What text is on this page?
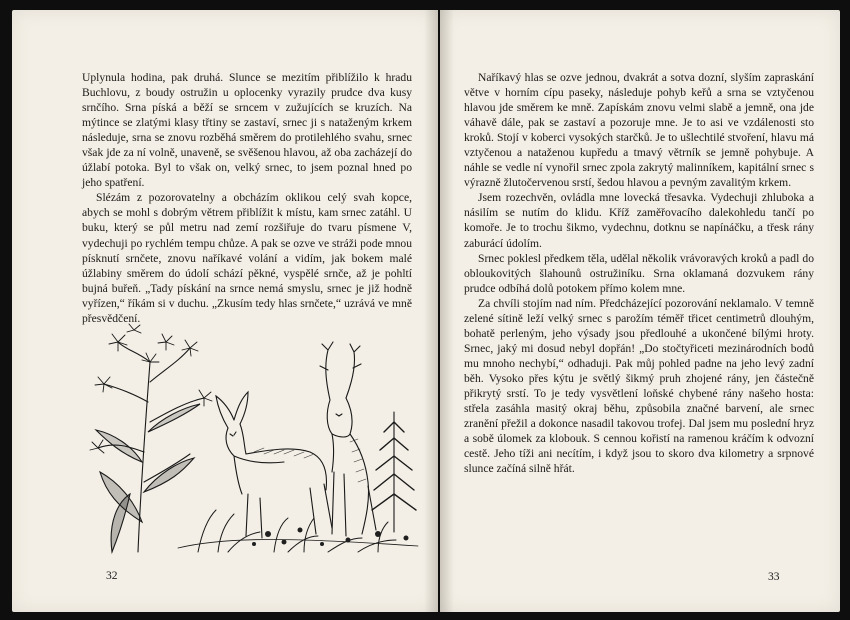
Uplynula hodina, pak druhá. Slunce se mezitím přiblížilo k hradu Buchlovu, z boudy ostružin u oplocenky vyrazily prudce dva kusy srnčího. Srna píská a běží se srncem v zužujících se kruzích. Na mýtince se zlatými klasy třtiny se zastaví, srnec ji s nataženým krkem následuje, srna se znovu rozběhá směrem do protilehlého svahu, srnec však jde za ní volně, unaveně, se svěšenou hlavou, až oba zacházejí do úžlabí potoka. Byl to však on, velký srnec, to jsem poznal hned po jeho spatření.

Slézám z pozorovatelny a obcházím oklikou celý svah kopce, abych se mohl s dobrým větrem přiblížit k místu, kam srnec zatáhl. U buku, který se půl metru nad zemí rozšiřuje do tvaru písmene V, vydechuji po rychlém tempu chůze. A pak se ozve ve stráži pode mnou písknutí srnčete, znovu naříkavé volání a vidím, jak bokem malé úžlabiny směrem do údolí schází pěkné, vyspělé srnče, až je pohltí bujná buřeň. „Tady pískání na srnce nemá smyslu, srnec je již hodně vyřízen,“ říkám si v duchu. „Zkusím tedy hlas srnčete,“ uzrává ve mně přesvědčení.

32

Naříkavý hlas se ozve jednou, dvakrát a sotva dozní, slyším zapraskání větve v horním cípu paseky, následuje pohyb keřů a srna se vztyčenou hlavou jde směrem ke mně. Zapískám znovu velmi slabě a jemně, ona jde váhavě dále, pak se zastaví a pozoruje mne. Je to asi ve vzdálenosti sto kroků. Stojí v koberci vysokých starčků. Je to ušlechtilé stvoření, hlavu má vztyčenou a nataženou kupředu a tmavý větrník se jemně pohybuje. A náhle se vedle ní vynořil srnec zpola zakrytý malinníkem, kapitální srnec s výrazně žlutočervenou srstí, šedou hlavou a pevným zavalitým krkem.

Jsem rozechvěn, ovládla mne lovecká třesavka. Vydechuji zhluboka a násilím se nutím do klidu. Kříž zaměřovacího dalekohledu tančí po komoře. Je to trochu šikmo, vydechnu, dotknu se napínáčku, a třesk rány zaburácí údolím.

Srnec poklesl předkem těla, udělal několik vrávoravých kroků a padl do obloukovitých šlahounů ostružiníku. Srna oklamaná dozvukem rány prudce odbíhá dolů potokem přímo kolem mne.

Za chvíli stojím nad ním. Předcházející pozorování neklamalo. V temně zelené sítině leží velký srnec s parožím téměř třicet centimetrů dlouhým, bohatě perleným, jeho výsady jsou předlouhé a ukončené bílými hroty. Srnec, jaký mi dosud nebyl dopřán! „Do stočtyřiceti mezinárodních bodů mu mnoho nechybí,“ odhaduji. Pak můj pohled padne na jeho levý zadní běh. Vysoko přes kýtu je světlý šikmý pruh zhojené rány, jen částečně přikrytý srstí. To je tedy vysvětlení loňské chybené rány našeho hosta: střela zasáhla masitý okraj běhu, způsobila značné barvení, ale srnec zranění přežil a dokonce nasadil takovou trofej. Dal jsem mu poslední hryz a sobě úlomek za klobouk. S cennou kořistí na ramenou kráčím k odvozní cestě. Jeho tíži ani necítím, i když jsou to skoro dva kilometry a srpnové slunce začíná silně hřát.

33
